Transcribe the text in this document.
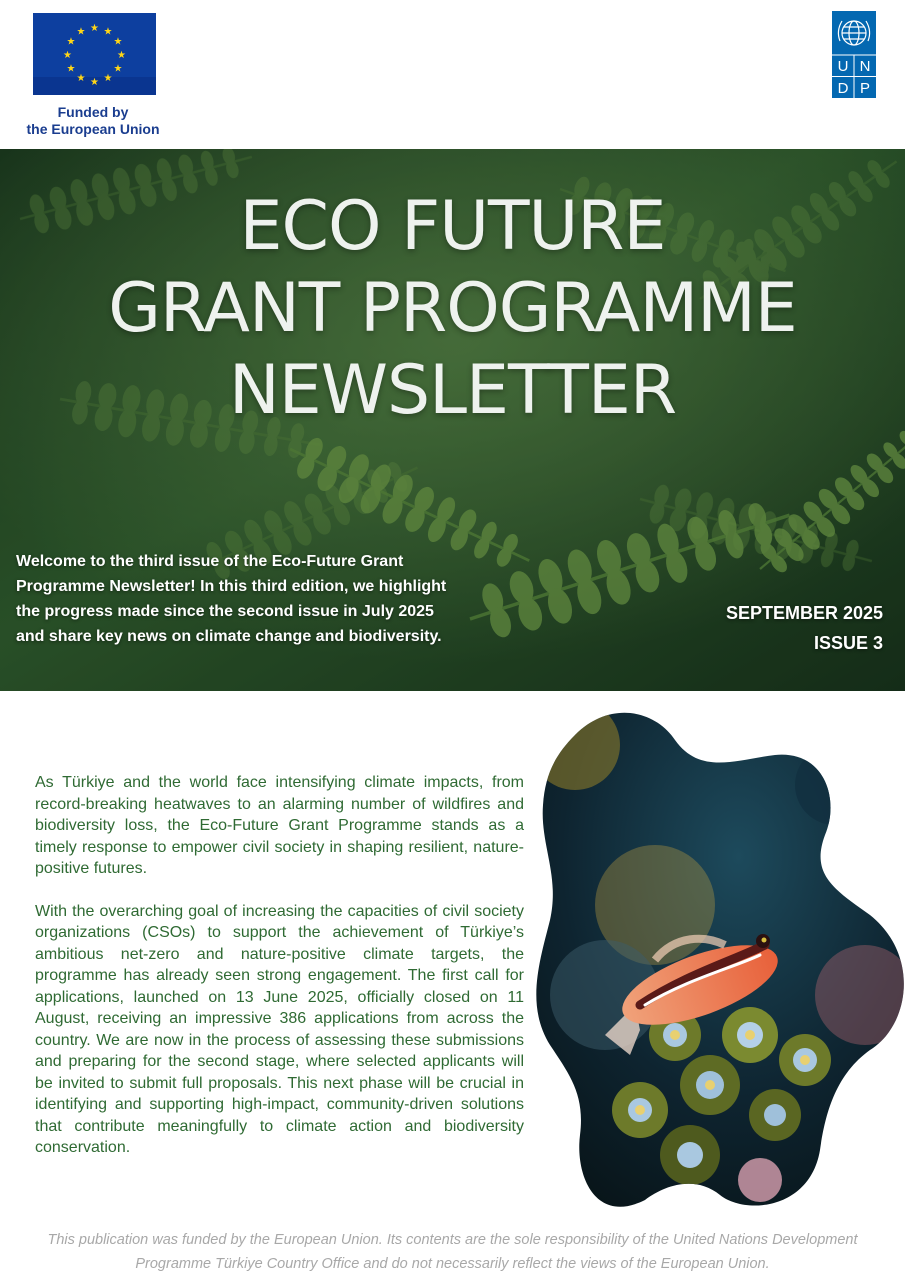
★ ★
★
★
★
★
★
★
★
★
★
★
Funded by
the European Union
U N
D P
ECO FUTURE
GRANT PROGRAMME
NEWSLETTER

Welcome to the third issue of the Eco-Future Grant Programme Newsletter! In this third edition, we highlight the progress made since the second issue in July 2025 and share key news on climate change and biodiversity.

SEPTEMBER 2025
ISSUE 3

As Türkiye and the world face intensifying climate impacts, from record-breaking heatwaves to an alarming number of wildfires and biodiversity loss, the Eco-Future Grant Programme stands as a timely response to empower civil society in shaping resilient, nature-positive futures.

With the overarching goal of increasing the capacities of civil society organizations (CSOs) to support the achievement of Türkiye’s ambitious net-zero and nature-positive climate targets, the programme has already seen strong engagement. The first call for applications, launched on 13 June 2025, officially closed on 11 August, receiving an impressive 386 applications from across the country. We are now in the process of assessing these submissions and preparing for the second stage, where selected applicants will be invited to submit full proposals. This next phase will be crucial in identifying and supporting high-impact, community-driven solutions that contribute meaningfully to climate action and biodiversity conservation.

This publication was funded by the European Union. Its contents are the sole responsibility of the United Nations Development Programme Türkiye Country Office and do not necessarily reflect the views of the European Union.
